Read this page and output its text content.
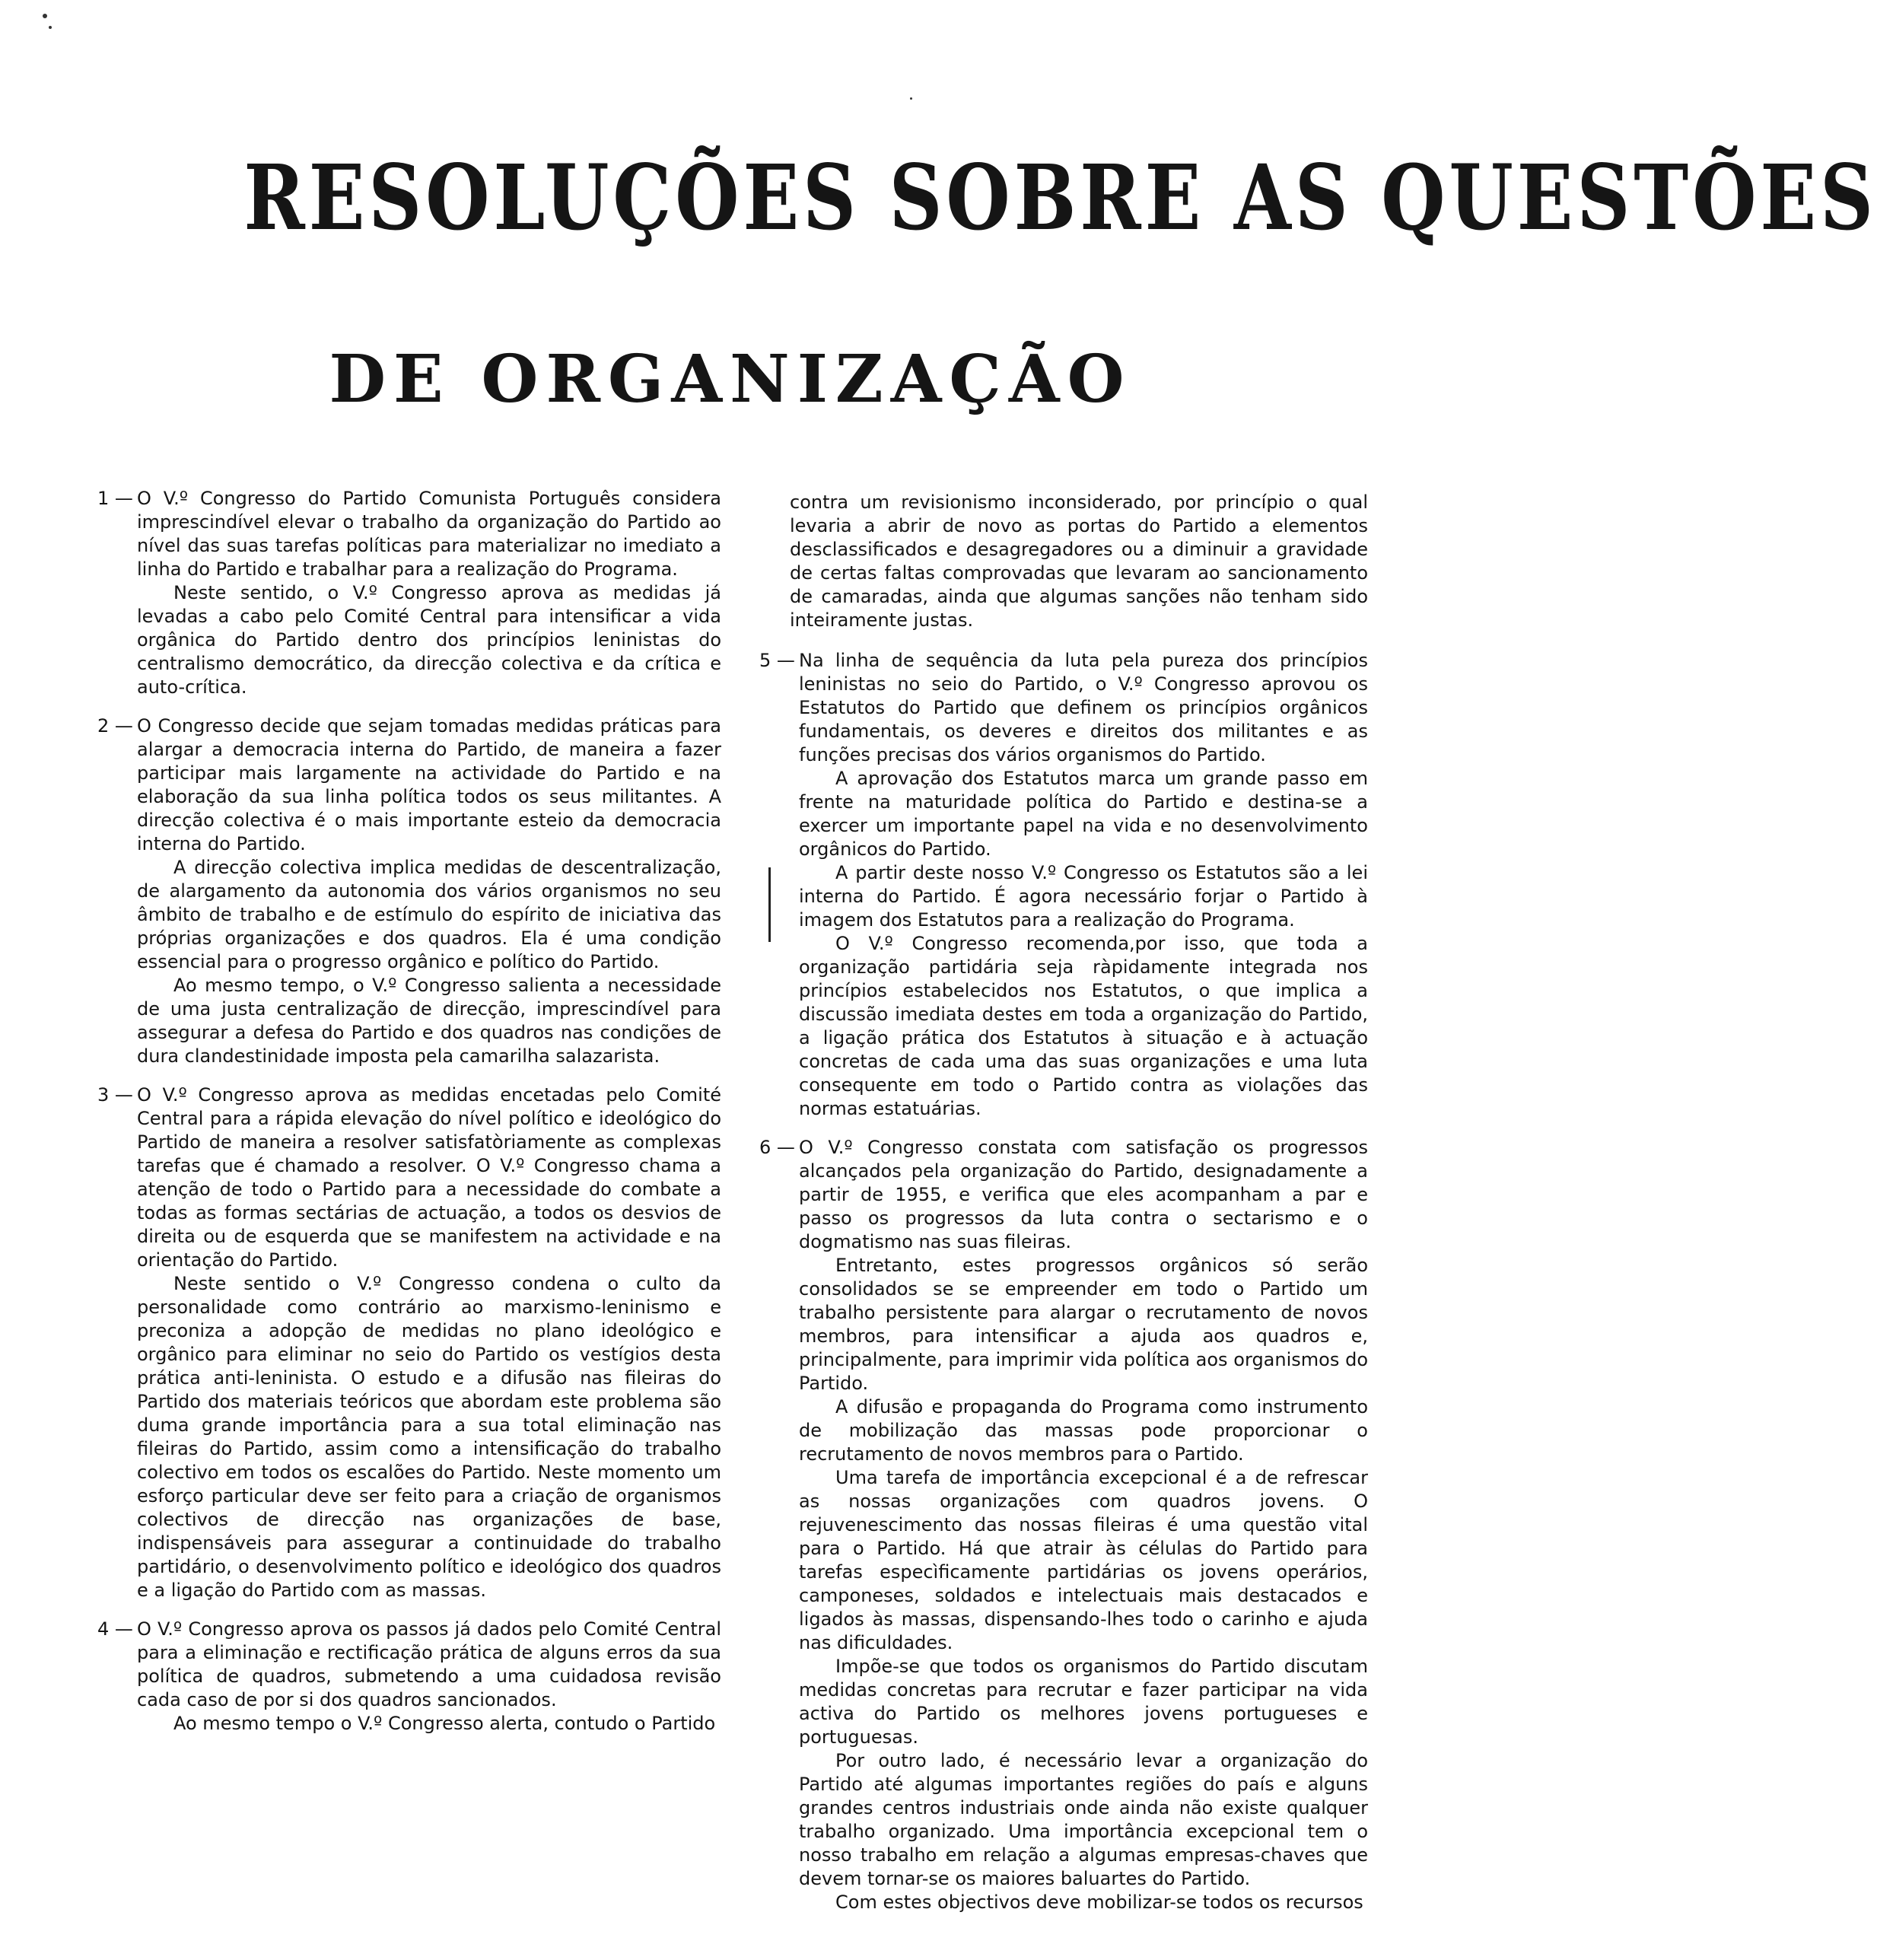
RESOLUÇÕES SOBRE AS QUESTÕES
DE ORGANIZAÇÃO
1 — O V.º Congresso do Partido Comunista Português considera imprescindível elevar o trabalho da organização do Partido ao nível das suas tarefas políticas para materializar no imediato a linha do Partido e trabalhar para a realização do Programa.

Neste sentido, o V.º Congresso aprova as medidas já levadas a cabo pelo Comité Central para intensificar a vida orgânica do Partido dentro dos princípios leninistas do centralismo democrático, da direcção colectiva e da crítica e auto-crítica.

2 — O Congresso decide que sejam tomadas medidas práticas para alargar a democracia interna do Partido, de maneira a fazer participar mais largamente na actividade do Partido e na elaboração da sua linha política todos os seus militantes. A direcção colectiva é o mais importante esteio da democracia interna do Partido.

A direcção colectiva implica medidas de descentralização, de alargamento da autonomia dos vários organismos no seu âmbito de trabalho e de estímulo do espírito de iniciativa das próprias organizações e dos quadros. Ela é uma condição essencial para o progresso orgânico e político do Partido.

Ao mesmo tempo, o V.º Congresso salienta a necessidade de uma justa centralização de direcção, imprescindível para assegurar a defesa do Partido e dos quadros nas condições de dura clandestinidade imposta pela camarilha salazarista.

3 — O V.º Congresso aprova as medidas encetadas pelo Comité Central para a rápida elevação do nível político e ideológico do Partido de maneira a resolver satisfatòriamente as complexas tarefas que é chamado a resolver. O V.º Congresso chama a atenção de todo o Partido para a necessidade do combate a todas as formas sectárias de actuação, a todos os desvios de direita ou de esquerda que se manifestem na actividade e na orientação do Partido.

Neste sentido o V.º Congresso condena o culto da personalidade como contrário ao marxismo-leninismo e preconiza a adopção de medidas no plano ideológico e orgânico para eliminar no seio do Partido os vestígios desta prática anti-leninista. O estudo e a difusão nas fileiras do Partido dos materiais teóricos que abordam este problema são duma grande importância para a sua total eliminação nas fileiras do Partido, assim como a intensificação do trabalho colectivo em todos os escalões do Partido. Neste momento um esforço particular deve ser feito para a criação de organismos colectivos de direcção nas organizações de base, indispensáveis para assegurar a continuidade do trabalho partidário, o desenvolvimento político e ideológico dos quadros e a ligação do Partido com as massas.

4 — O V.º Congresso aprova os passos já dados pelo Comité Central para a eliminação e rectificação prática de alguns erros da sua política de quadros, submetendo a uma cuidadosa revisão cada caso de por si dos quadros sancionados.

Ao mesmo tempo o V.º Congresso alerta, contudo o Partido

contra um revisionismo inconsiderado, por princípio o qual levaria a abrir de novo as portas do Partido a elementos desclassificados e desagregadores ou a diminuir a gravidade de certas faltas comprovadas que levaram ao sancionamento de camaradas, ainda que algumas sanções não tenham sido inteiramente justas.

5 — Na linha de sequência da luta pela pureza dos princípios leninistas no seio do Partido, o V.º Congresso aprovou os Estatutos do Partido que definem os princípios orgânicos fundamentais, os deveres e direitos dos militantes e as funções precisas dos vários organismos do Partido.

A aprovação dos Estatutos marca um grande passo em frente na maturidade política do Partido e destina-se a exercer um importante papel na vida e no desenvolvimento orgânicos do Partido.

A partir deste nosso V.º Congresso os Estatutos são a lei interna do Partido. É agora necessário forjar o Partido à imagem dos Estatutos para a realização do Programa.

O V.º Congresso recomenda,por isso, que toda a organização partidária seja ràpidamente integrada nos princípios estabelecidos nos Estatutos, o que implica a discussão imediata destes em toda a organização do Partido, a ligação prática dos Estatutos à situação e à actuação concretas de cada uma das suas organizações e uma luta consequente em todo o Partido contra as violações das normas estatuárias.

6 — O V.º Congresso constata com satisfação os progressos alcançados pela organização do Partido, designadamente a partir de 1955, e verifica que eles acompanham a par e passo os progressos da luta contra o sectarismo e o dogmatismo nas suas fileiras.

Entretanto, estes progressos orgânicos só serão consolidados se se empreender em todo o Partido um trabalho persistente para alargar o recrutamento de novos membros, para intensificar a ajuda aos quadros e, principalmente, para imprimir vida política aos organismos do Partido.

A difusão e propaganda do Programa como instrumento de mobilização das massas pode proporcionar o recrutamento de novos membros para o Partido.

Uma tarefa de importância excepcional é a de refrescar as nossas organizações com quadros jovens. O rejuvenescimento das nossas fileiras é uma questão vital para o Partido. Há que atrair às células do Partido para tarefas especìficamente partidárias os jovens operários, camponeses, soldados e intelectuais mais destacados e ligados às massas, dispensando-lhes todo o carinho e ajuda nas dificuldades.

Impõe-se que todos os organismos do Partido discutam medidas concretas para recrutar e fazer participar na vida activa do Partido os melhores jovens portugueses e portuguesas.

Por outro lado, é necessário levar a organização do Partido até algumas importantes regiões do país e alguns grandes centros industriais onde ainda não existe qualquer trabalho organizado. Uma importância excepcional tem o nosso trabalho em relação a algumas empresas-chaves que devem tornar-se os maiores baluartes do Partido.

Com estes objectivos deve mobilizar-se todos os recursos
